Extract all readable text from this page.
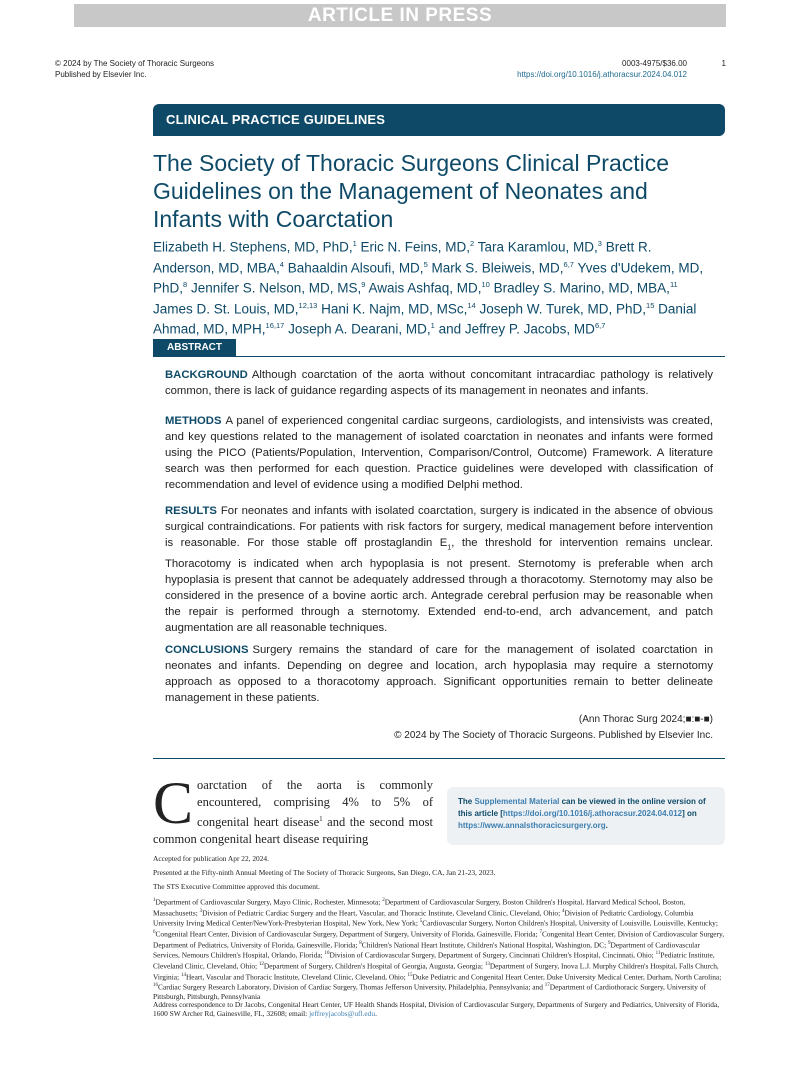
ARTICLE IN PRESS
© 2024 by The Society of Thoracic Surgeons
Published by Elsevier Inc.
0003-4975/$36.00
https://doi.org/10.1016/j.athoracsur.2024.04.012
1
CLINICAL PRACTICE GUIDELINES
The Society of Thoracic Surgeons Clinical Practice Guidelines on the Management of Neonates and Infants with Coarctation
Elizabeth H. Stephens, MD, PhD,$^1$ Eric N. Feins, MD,$^2$ Tara Karamlou, MD,$^3$ Brett R. Anderson, MD, MBA,$^4$ Bahaaldin Alsoufi, MD,$^5$ Mark S. Bleiweis, MD,$^{6,7}$ Yves d'Udekem, MD, PhD,$^8$ Jennifer S. Nelson, MD, MS,$^9$ Awais Ashfaq, MD,$^{10}$ Bradley S. Marino, MD, MBA,$^{11}$ James D. St. Louis, MD,$^{12,13}$ Hani K. Najm, MD, MSc,$^{14}$ Joseph W. Turek, MD, PhD,$^{15}$ Danial Ahmad, MD, MPH,$^{16,17}$ Joseph A. Dearani, MD,$^1$ and Jeffrey P. Jacobs, MD$^{6,7}$
ABSTRACT
BACKGROUND Although coarctation of the aorta without concomitant intracardiac pathology is relatively common, there is lack of guidance regarding aspects of its management in neonates and infants.
METHODS A panel of experienced congenital cardiac surgeons, cardiologists, and intensivists was created, and key questions related to the management of isolated coarctation in neonates and infants were formed using the PICO (Patients/Population, Intervention, Comparison/Control, Outcome) Framework. A literature search was then performed for each question. Practice guidelines were developed with classification of recommendation and level of evidence using a modified Delphi method.
RESULTS For neonates and infants with isolated coarctation, surgery is indicated in the absence of obvious surgical contraindications. For patients with risk factors for surgery, medical management before intervention is reasonable. For those stable off prostaglandin $E_1$, the threshold for intervention remains unclear. Thoracotomy is indicated when arch hypoplasia is not present. Sternotomy is preferable when arch hypoplasia is present that cannot be adequately addressed through a thoracotomy. Sternotomy may also be considered in the presence of a bovine aortic arch. Antegrade cerebral perfusion may be reasonable when the repair is performed through a sternotomy. Extended end-to-end, arch advancement, and patch augmentation are all reasonable techniques.
CONCLUSIONS Surgery remains the standard of care for the management of isolated coarctation in neonates and infants. Depending on degree and location, arch hypoplasia may require a sternotomy approach as opposed to a thoracotomy approach. Significant opportunities remain to better delineate management in these patients.
(Ann Thorac Surg 2024;■:■-■)
© 2024 by The Society of Thoracic Surgeons. Published by Elsevier Inc.
Coarctation of the aorta is commonly encountered, comprising 4% to 5% of congenital heart disease$^1$ and the second most common congenital heart disease requiring
The Supplemental Material can be viewed in the online version of this article [https://doi.org/10.1016/j.athoracsur.2024.04.012] on https://www.annalsthoracicsurgery.org.
Accepted for publication Apr 22, 2024.
Presented at the Fifty-ninth Annual Meeting of The Society of Thoracic Surgeons, San Diego, CA, Jan 21-23, 2023.
The STS Executive Committee approved this document.
$^1$Department of Cardiovascular Surgery, Mayo Clinic, Rochester, Minnesota; $^2$Department of Cardiovascular Surgery, Boston Children's Hospital, Harvard Medical School, Boston, Massachusetts; $^3$Division of Pediatric Cardiac Surgery and the Heart, Vascular, and Thoracic Institute, Cleveland Clinic, Cleveland, Ohio; $^4$Division of Pediatric Cardiology, Columbia University Irving Medical Center/NewYork-Presbyterian Hospital, New York, New York; $^5$Cardiovascular Surgery, Norton Children's Hospital, University of Louisville, Louisville, Kentucky; $^6$Congenital Heart Center, Division of Cardiovascular Surgery, Department of Surgery, University of Florida, Gainesville, Florida; $^7$Congenital Heart Center, Division of Cardiovascular Surgery, Department of Pediatrics, University of Florida, Gainesville, Florida; $^8$Children's National Heart Institute, Children's National Hospital, Washington, DC; $^9$Department of Cardiovascular Services, Nemours Children's Hospital, Orlando, Florida; $^{10}$Division of Cardiovascular Surgery, Department of Surgery, Cincinnati Children's Hospital, Cincinnati, Ohio; $^{11}$Pediatric Institute, Cleveland Clinic, Cleveland, Ohio; $^{12}$Department of Surgery, Children's Hospital of Georgia, Augusta, Georgia; $^{13}$Department of Surgery, Inova L.J. Murphy Children's Hospital, Falls Church, Virginia; $^{14}$Heart, Vascular and Thoracic Institute, Cleveland Clinic, Cleveland, Ohio; $^{15}$Duke Pediatric and Congenital Heart Center, Duke University Medical Center, Durham, North Carolina; $^{16}$Cardiac Surgery Research Laboratory, Division of Cardiac Surgery, Thomas Jefferson University, Philadelphia, Pennsylvania; and $^{17}$Department of Cardiothoracic Surgery, University of Pittsburgh, Pittsburgh, Pennsylvania
Address correspondence to Dr Jacobs, Congenital Heart Center, UF Health Shands Hospital, Division of Cardiovascular Surgery, Departments of Surgery and Pediatrics, University of Florida, 1600 SW Archer Rd, Gainesville, FL, 32608; email: jeffreyjacobs@ufl.edu.
